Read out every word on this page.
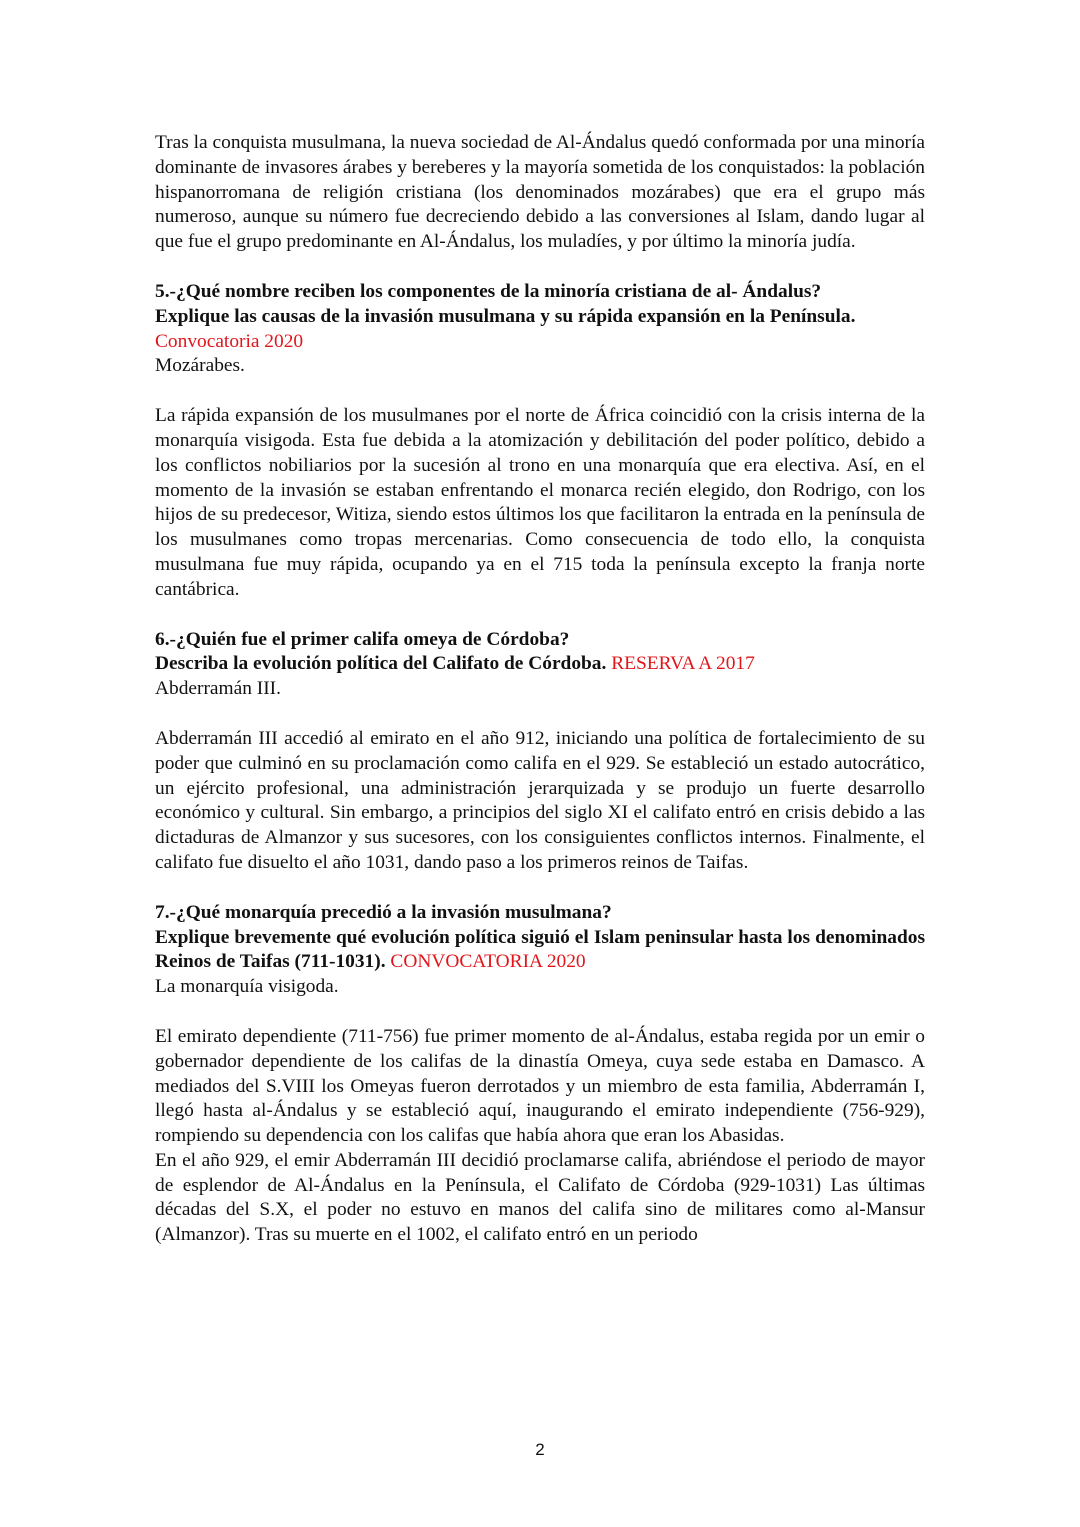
Tras la conquista musulmana, la nueva sociedad de Al-Ándalus quedó conformada por una minoría dominante de invasores árabes y bereberes y la mayoría sometida de los conquistados: la población hispanorromana de religión cristiana (los denominados mozárabes) que era el grupo más numeroso, aunque su número fue decreciendo debido a las conversiones al Islam, dando lugar al que fue el grupo predominante en Al-Ándalus, los muladíes, y por último la minoría judía.

5.-¿Qué nombre reciben los componentes de la minoría cristiana de al- Ándalus?

Explique las causas de la invasión musulmana y su rápida expansión en la Península.

Convocatoria 2020

Mozárabes.

La rápida expansión de los musulmanes por el norte de África coincidió con la crisis interna de la monarquía visigoda. Esta fue debida a la atomización y debilitación del poder político, debido a los conflictos nobiliarios por la sucesión al trono en una monarquía que era electiva. Así, en el momento de la invasión se estaban enfrentando el monarca recién elegido, don Rodrigo, con los hijos de su predecesor, Witiza, siendo estos últimos los que facilitaron la entrada en la península de los musulmanes como tropas mercenarias. Como consecuencia de todo ello, la conquista musulmana fue muy rápida, ocupando ya en el 715 toda la península excepto la franja norte cantábrica.

6.-¿Quién fue el primer califa omeya de Córdoba?

Describa la evolución política del Califato de Córdoba. RESERVA A 2017

Abderramán III.

Abderramán III accedió al emirato en el año 912, iniciando una política de fortalecimiento de su poder que culminó en su proclamación como califa en el 929. Se estableció un estado autocrático, un ejército profesional, una administración jerarquizada y se produjo un fuerte desarrollo económico y cultural. Sin embargo, a principios del siglo XI el califato entró en crisis debido a las dictaduras de Almanzor y sus sucesores, con los consiguientes conflictos internos. Finalmente, el califato fue disuelto el año 1031, dando paso a los primeros reinos de Taifas.

7.-¿Qué monarquía precedió a la invasión musulmana?

Explique brevemente qué evolución política siguió el Islam peninsular hasta los denominados Reinos de Taifas (711-1031). CONVOCATORIA 2020

La monarquía visigoda.

El emirato dependiente (711-756) fue primer momento de al-Ándalus, estaba regida por un emir o gobernador dependiente de los califas de la dinastía Omeya, cuya sede estaba en Damasco. A mediados del S.VIII los Omeyas fueron derrotados y un miembro de esta familia, Abderramán I, llegó hasta al-Ándalus y se estableció aquí, inaugurando el emirato independiente (756-929), rompiendo su dependencia con los califas que había ahora que eran los Abasidas.

En el año 929, el emir Abderramán III decidió proclamarse califa, abriéndose el periodo de mayor de esplendor de Al-Ándalus en la Península, el Califato de Córdoba (929-1031) Las últimas décadas del S.X, el poder no estuvo en manos del califa sino de militares como al-Mansur (Almanzor). Tras su muerte en el 1002, el califato entró en un periodo

2
